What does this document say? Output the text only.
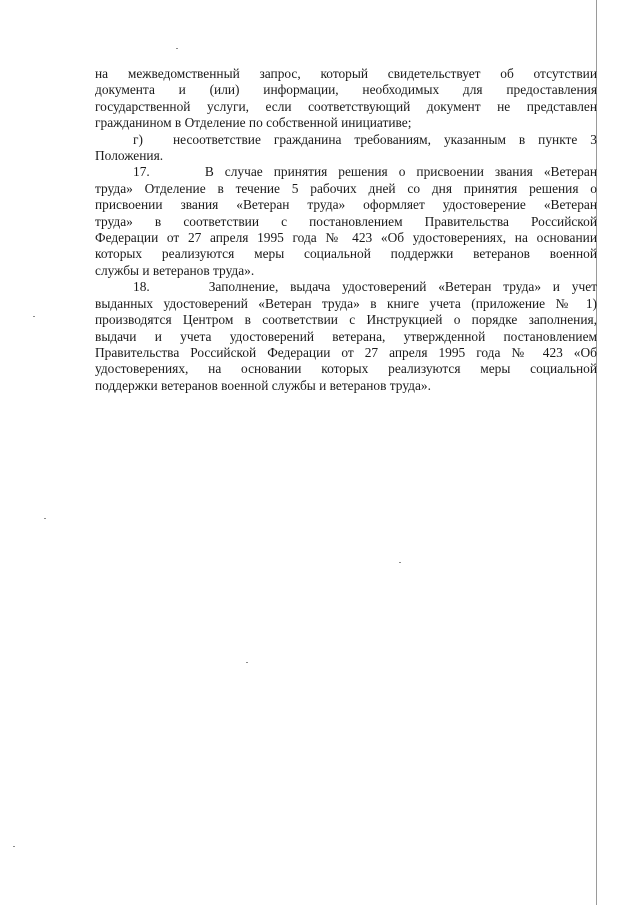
на межведомственный запрос, который свидетельствует об отсутствии
документа и (или) информации, необходимых для предоставления
государственной услуги, если соответствующий документ не представлен
гражданином в Отделение по собственной инициативе;

г) несоответствие гражданина требованиям, указанным в пункте 3
Положения.

17.	В случае принятия решения о присвоении звания «Ветеран
труда» Отделение в течение 5 рабочих дней со дня принятия решения о
присвоении звания «Ветеран труда» оформляет удостоверение «Ветеран
труда» в соответствии с постановлением Правительства Российской
Федерации от 27 апреля 1995 года № 423 «Об удостоверениях, на основании
которых реализуются меры социальной поддержки ветеранов военной
службы и ветеранов труда».

18.	Заполнение, выдача удостоверений «Ветеран труда» и учет
выданных удостоверений «Ветеран труда» в книге учета (приложение № 1)
производятся Центром в соответствии с Инструкцией о порядке заполнения,
выдачи и учета удостоверений ветерана, утвержденной постановлением
Правительства Российской Федерации от 27 апреля 1995 года № 423 «Об
удостоверениях, на основании которых реализуются меры социальной
поддержки ветеранов военной службы и ветеранов труда».
